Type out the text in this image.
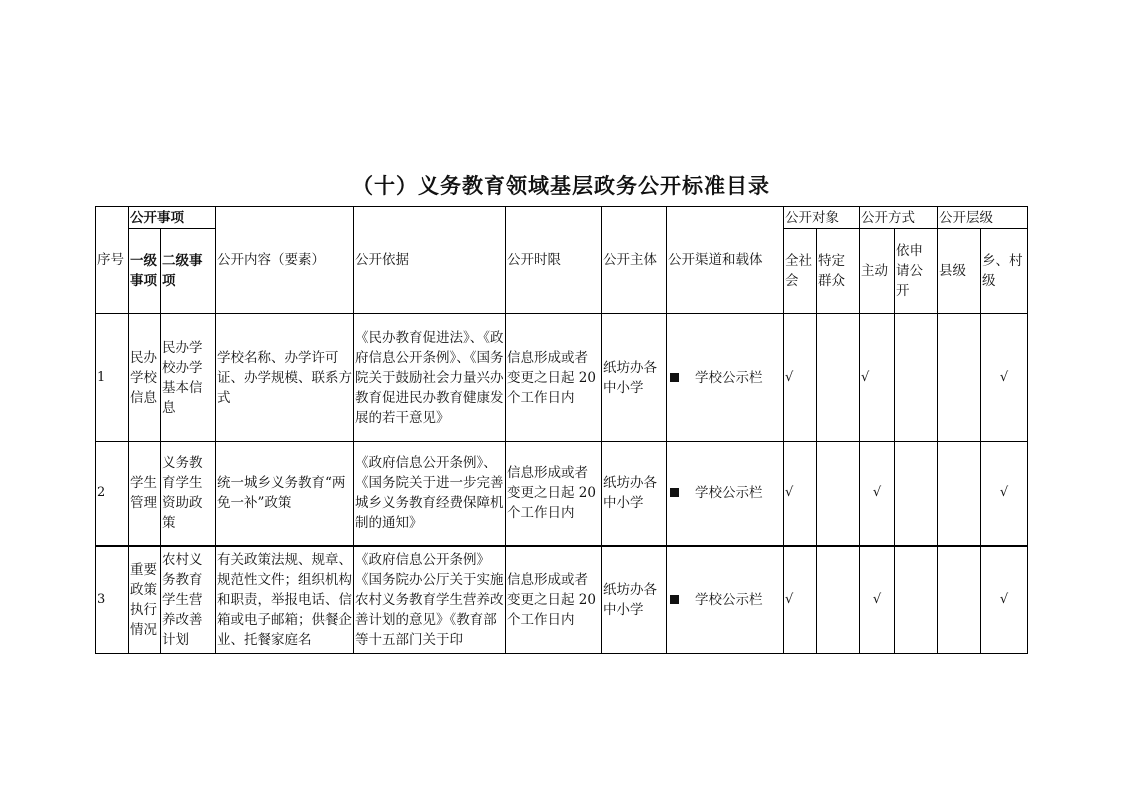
（十）义务教育领域基层政务公开标准目录
序号	公开事项		公开内容（要素）	公开依据	公开时限	公开主体	公开渠道和载体	公开对象		公开方式		公开层级	
	一级事项	二级事项						全社会	特定群众	主动	依申请公开	县级	乡、村级
1	民办学校信息	民办学校办学基本信息	学校名称、办学许可证、办学规模、联系方式	《民办教育促进法》、《政府信息公开条例》、《国务院关于鼓励社会力量兴办教育促进民办教育健康发展的若干意见》	信息形成或者变更之日起 20 个工作日内	纸坊办各中小学	学校公示栏	√		√			√
2	学生管理	义务教育学生资助政策	统一城乡义务教育“两免一补”政策	《政府信息公开条例》、《国务院关于进一步完善城乡义务教育经费保障机制的通知》	信息形成或者变更之日起 20 个工作日内	纸坊办各中小学	学校公示栏	√		√			√
3	重要政策执行情况	农村义务教育学生营养改善计划	有关政策法规、规章、规范性文件；组织机构和职责，举报电话、信箱或电子邮箱；供餐企业、托餐家庭名	《政府信息公开条例》《国务院办公厅关于实施农村义务教育学生营养改善计划的意见》《教育部等十五部门关于印	信息形成或者变更之日起 20 个工作日内	纸坊办各中小学	学校公示栏	√		√			√
